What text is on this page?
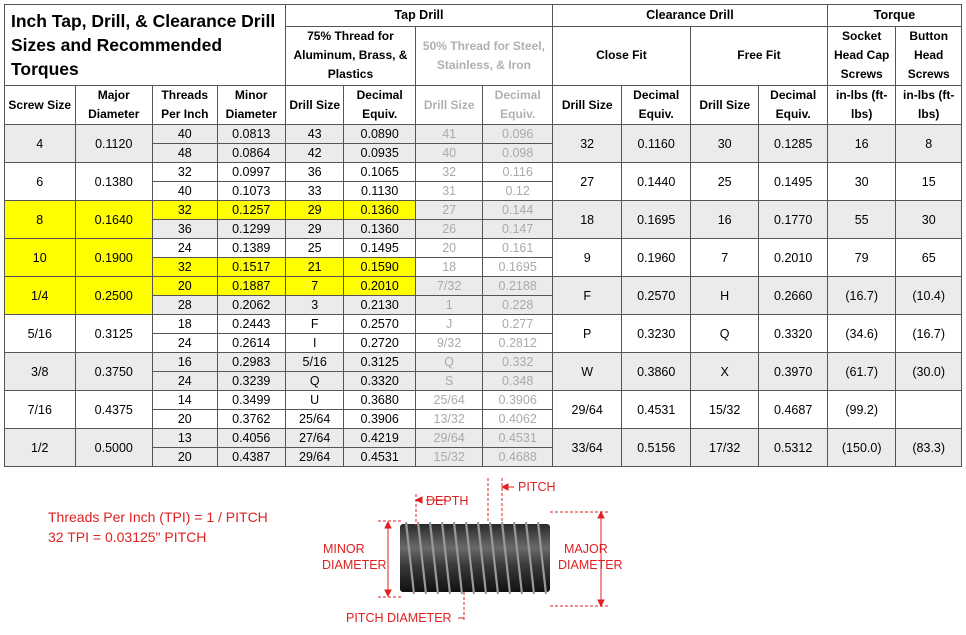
Inch Tap, Drill, & Clearance Drill Sizes and Recommended Torques				Tap Drill				Clearance Drill				Torque	
				75% Thread for Aluminum, Brass, & Plastics		50% Thread for Steel, Stainless, & Iron		Close Fit		Free Fit		Socket Head Cap Screws	Button Head Screws
Screw Size	Major Diameter	Threads Per Inch	Minor Diameter	Drill Size	Decimal Equiv.	Drill Size	Decimal Equiv.	Drill Size	Decimal Equiv.	Drill Size	Decimal Equiv.	in-lbs (ft-lbs)	in-lbs (ft-lbs)
4	0.1120	40	0.0813	43	0.0890	41	0.096	32	0.1160	30	0.1285	16	8
		48	0.0864	42	0.0935	40	0.098						
6	0.1380	32	0.0997	36	0.1065	32	0.116	27	0.1440	25	0.1495	30	15
		40	0.1073	33	0.1130	31	0.12						
8	0.1640	32	0.1257	29	0.1360	27	0.144	18	0.1695	16	0.1770	55	30
		36	0.1299	29	0.1360	26	0.147						
10	0.1900	24	0.1389	25	0.1495	20	0.161	9	0.1960	7	0.2010	79	65
		32	0.1517	21	0.1590	18	0.1695						
1/4	0.2500	20	0.1887	7	0.2010	7/32	0.2188	F	0.2570	H	0.2660	(16.7)	(10.4)
		28	0.2062	3	0.2130	1	0.228						
5/16	0.3125	18	0.2443	F	0.2570	J	0.277	P	0.3230	Q	0.3320	(34.6)	(16.7)
		24	0.2614	I	0.2720	9/32	0.2812						
3/8	0.3750	16	0.2983	5/16	0.3125	Q	0.332	W	0.3860	X	0.3970	(61.7)	(30.0)
		24	0.3239	Q	0.3320	S	0.348						
7/16	0.4375	14	0.3499	U	0.3680	25/64	0.3906	29/64	0.4531	15/32	0.4687	(99.2)	
		20	0.3762	25/64	0.3906	13/32	0.4062						
1/2	0.5000	13	0.4056	27/64	0.4219	29/64	0.4531	33/64	0.5156	17/32	0.5312	(150.0)	(83.3)
		20	0.4387	29/64	0.4531	15/32	0.4688						
Threads Per Inch (TPI) = 1 / PITCH
32 TPI = 0.03125" PITCH
DEPTH
PITCH
MINOR
DIAMETER
MAJOR
DIAMETER
PITCH DIAMETER
